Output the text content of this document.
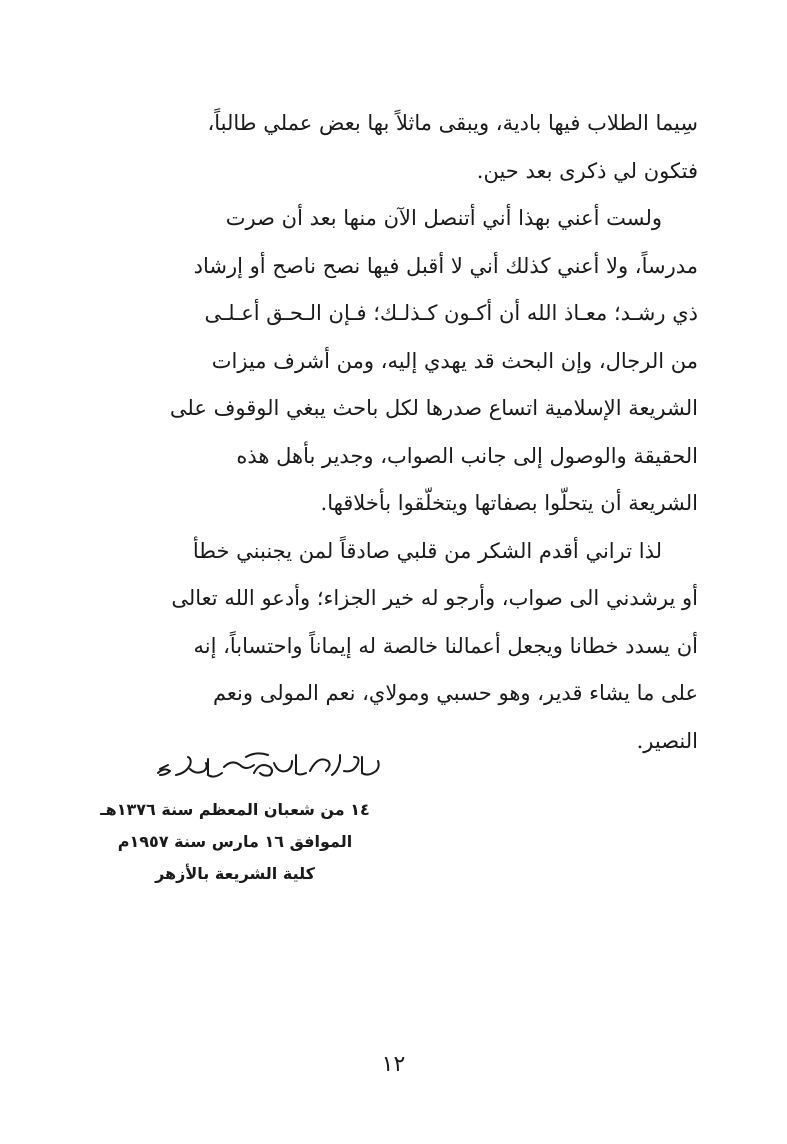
سِيما الطلاب فيها بادية، ويبقى ماثلاً بها بعض عملي طالباً،
فتكون لي ذكرى بعد حين.

ولست أعني بهذا أني أتنصل الآن منها بعد أن صرت
مدرساً، ولا أعني كذلك أني لا أقبل فيها نصح ناصح أو إرشاد
ذي رشـد؛ معـاذ الله أن أكـون كـذلـك؛ فـإن الـحـق أعـلـى
من الرجال، وإن البحث قد يهدي إليه، ومن أشرف ميزات
الشريعة الإسلامية اتساع صدرها لكل باحث يبغي الوقوف على
الحقيقة والوصول إلى جانب الصواب، وجدير بأهل هذه
الشريعة أن يتحلّوا بصفاتها ويتخلّقوا بأخلاقها.

لذا تراني أقدم الشكر من قلبي صادقاً لمن يجنبني خطأ
أو يرشدني الى صواب، وأرجو له خير الجزاء؛ وأدعو الله تعالى
أن يسدد خطانا ويجعل أعمالنا خالصة له إيماناً واحتساباً، إنه
على ما يشاء قدير، وهو حسبي ومولاي، نعم المولى ونعم
النصير.

١٤ من شعبان المعظم سنة ١٣٧٦هـ
الموافق ١٦ مارس سنة ١٩٥٧م
كلية الشريعة بالأزهر
١٢
